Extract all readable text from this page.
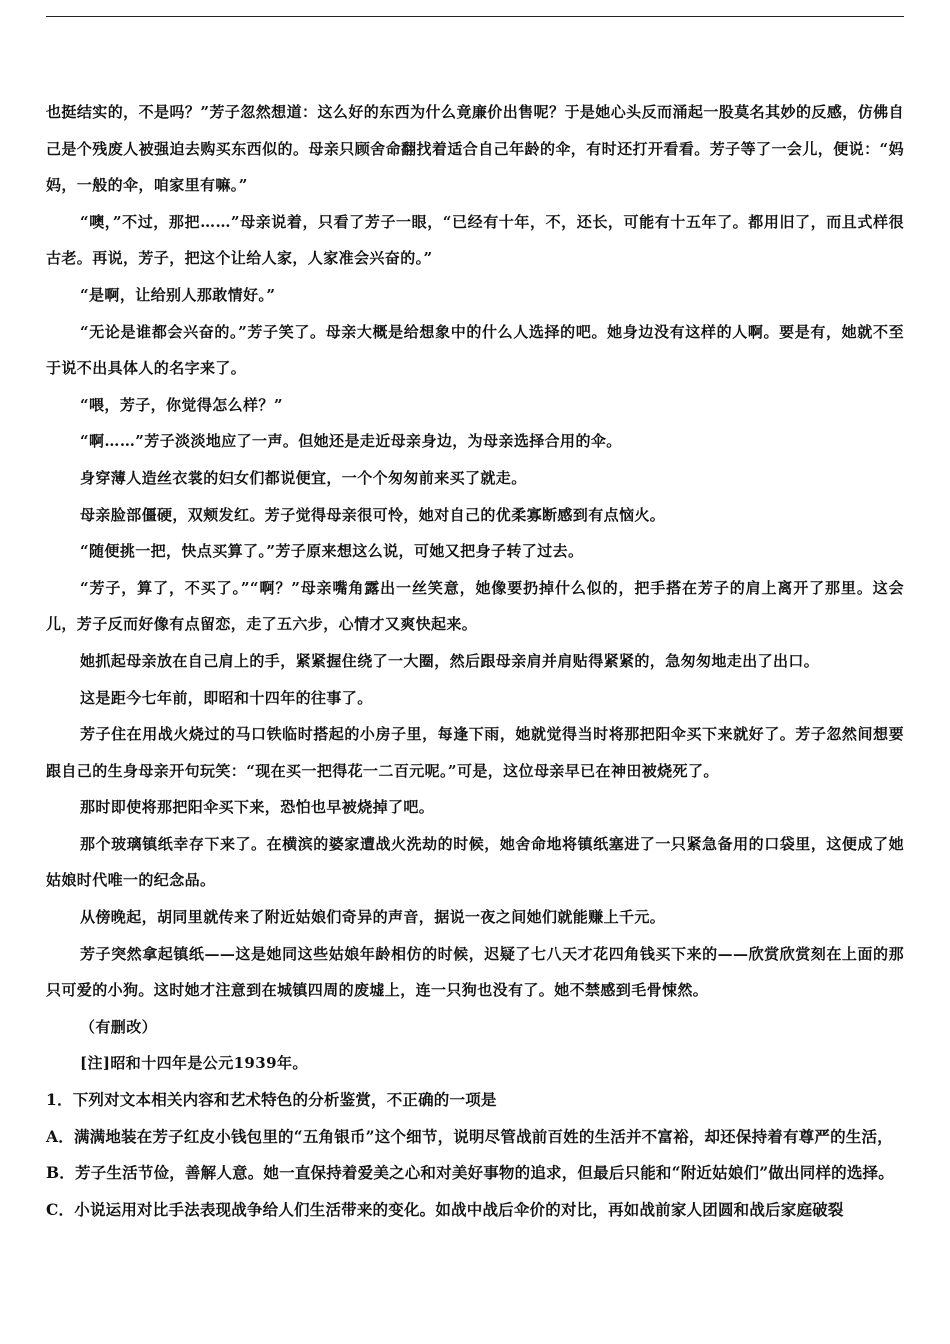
也挺结实的，不是吗？”芳子忽然想道：这么好的东西为什么竟廉价出售呢？于是她心头反而涌起一股莫名其妙的反感，仿佛自己是个残废人被强迫去购买东西似的。母亲只顾舍命翻找着适合自己年龄的伞，有时还打开看看。芳子等了一会儿，便说：“妈妈，一般的伞，咱家里有嘛。”

“噢，”不过，那把……”母亲说着，只看了芳子一眼，“已经有十年，不，还长，可能有十五年了。都用旧了，而且式样很古老。再说，芳子，把这个让给人家，人家准会兴奋的。”

“是啊，让给别人那敢情好。”

“无论是谁都会兴奋的。”芳子笑了。母亲大概是给想象中的什么人选择的吧。她身边没有这样的人啊。要是有，她就不至于说不出具体人的名字来了。

“喂，芳子，你觉得怎么样？”

“啊……”芳子淡淡地应了一声。但她还是走近母亲身边，为母亲选择合用的伞。

身穿薄人造丝衣裳的妇女们都说便宜，一个个匆匆前来买了就走。

母亲脸部僵硬，双颊发红。芳子觉得母亲很可怜，她对自己的优柔寡断感到有点恼火。

“随便挑一把，快点买算了。”芳子原来想这么说，可她又把身子转了过去。

“芳子，算了，不买了。”“啊？”母亲嘴角露出一丝笑意，她像要扔掉什么似的，把手搭在芳子的肩上离开了那里。这会儿，芳子反而好像有点留恋，走了五六步，心情才又爽快起来。

她抓起母亲放在自己肩上的手，紧紧握住绕了一大圈，然后跟母亲肩并肩贴得紧紧的，急匆匆地走出了出口。

这是距今七年前，即昭和十四年的往事了。

芳子住在用战火烧过的马口铁临时搭起的小房子里，每逢下雨，她就觉得当时将那把阳伞买下来就好了。芳子忽然间想要跟自己的生身母亲开句玩笑：“现在买一把得花一二百元呢。”可是，这位母亲早已在神田被烧死了。

那时即使将那把阳伞买下来，恐怕也早被烧掉了吧。

那个玻璃镇纸幸存下来了。在横滨的婆家遭战火洗劫的时候，她舍命地将镇纸塞进了一只紧急备用的口袋里，这便成了她姑娘时代唯一的纪念品。

从傍晚起，胡同里就传来了附近姑娘们奇异的声音，据说一夜之间她们就能赚上千元。

芳子突然拿起镇纸——这是她同这些姑娘年龄相仿的时候，迟疑了七八天才花四角钱买下来的——欣赏欣赏刻在上面的那只可爱的小狗。这时她才注意到在城镇四周的废墟上，连一只狗也没有了。她不禁感到毛骨悚然。

（有删改）

[注]昭和十四年是公元1939年。

1．下列对文本相关内容和艺术特色的分析鉴赏，不正确的一项是

A．满满地装在芳子红皮小钱包里的“五角银币”这个细节，说明尽管战前百姓的生活并不富裕，却还保持着有尊严的生活，

B．芳子生活节俭，善解人意。她一直保持着爱美之心和对美好事物的追求，但最后只能和“附近姑娘们”做出同样的选择。

C．小说运用对比手法表现战争给人们生活带来的变化。如战中战后伞价的对比，再如战前家人团圆和战后家庭破裂
